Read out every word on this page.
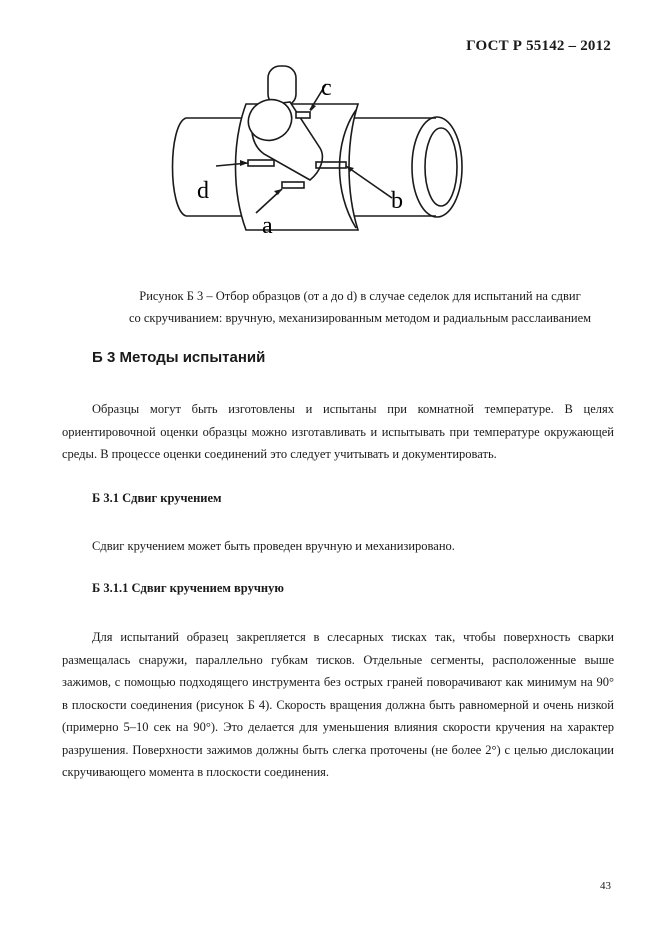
ГОСТ Р 55142 – 2012
c
d	b
a
Рисунок Б 3 – Отбор образцов (от a до d) в случае седелок для испытаний на сдвиг
со скручиванием: вручную, механизированным методом и радиальным расслаиванием
Б 3 Методы испытаний
Образцы могут быть изготовлены и испытаны при комнатной температуре. В целях ориентировочной оценки образцы можно изготавливать и испытывать при температуре окружающей среды. В процессе оценки соединений это следует учитывать и документировать.
Б 3.1 Сдвиг кручением
Сдвиг кручением может быть проведен вручную и механизировано.
Б 3.1.1 Сдвиг кручением вручную
Для испытаний образец закрепляется в слесарных тисках так, чтобы поверхность сварки размещалась снаружи, параллельно губкам тисков. Отдельные сегменты, расположенные выше зажимов, с помощью подходящего инструмента без острых граней поворачивают как минимум на 90° в плоскости соединения (рисунок Б 4). Скорость вращения должна быть равномерной и очень низкой (примерно 5–10 сек на 90°). Это делается для уменьшения влияния скорости кручения на характер разрушения. Поверхности зажимов должны быть слегка проточены (не более 2°) с целью дислокации скручивающего момента в плоскости соединения.
43
